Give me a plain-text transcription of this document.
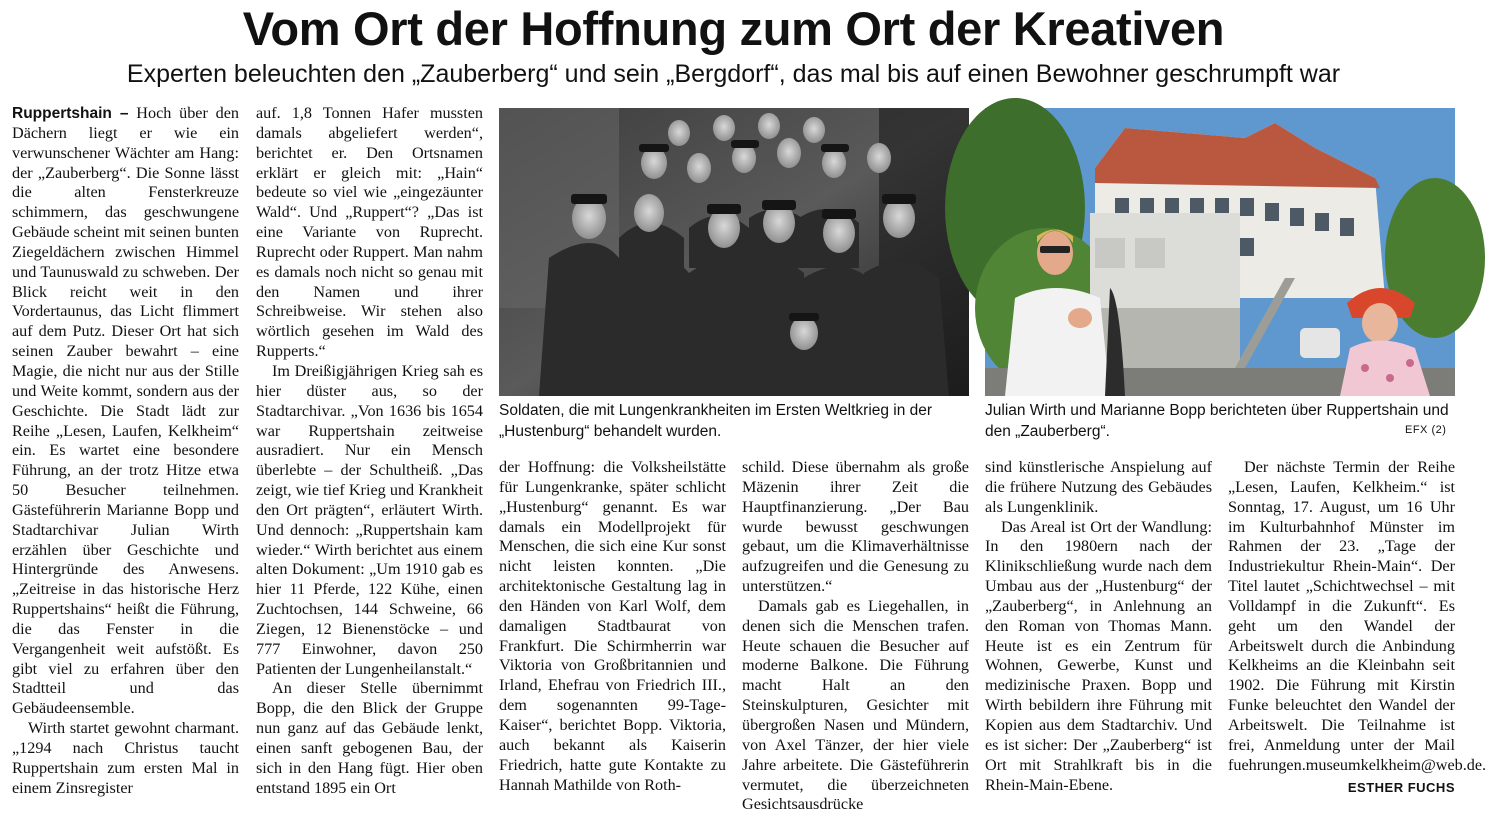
Vom Ort der Hoffnung zum Ort der Kreativen
Experten beleuchten den „Zauberberg“ und sein „Bergdorf“, das mal bis auf einen Bewohner geschrumpft war

Ruppertshain – Hoch über den Dächern liegt er wie ein verwunschener Wächter am Hang: der „Zauberberg“. Die Sonne lässt die alten Fensterkreuze schimmern, das geschwungene Gebäude scheint mit seinen bunten Ziegeldächern zwischen Himmel und Taunuswald zu schweben. Der Blick reicht weit in den Vordertaunus, das Licht flimmert auf dem Putz. Dieser Ort hat sich seinen Zauber bewahrt – eine Magie, die nicht nur aus der Stille und Weite kommt, sondern aus der Geschichte. Die Stadt lädt zur Reihe „Lesen, Laufen, Kelkheim“ ein. Es wartet eine besondere Führung, an der trotz Hitze etwa 50 Besucher teilnehmen. Gästeführerin Marianne Bopp und Stadtarchivar Julian Wirth erzählen über Geschichte und Hintergründe des Anwesens. „Zeitreise in das historische Herz Ruppertshains“ heißt die Führung, die das Fenster in die Vergangenheit weit aufstößt. Es gibt viel zu erfahren über den Stadtteil und das Gebäudeensemble.

Wirth startet gewohnt charmant. „1294 nach Christus taucht Ruppertshain zum ersten Mal in einem Zinsregister

auf. 1,8 Tonnen Hafer mussten damals abgeliefert werden“, berichtet er. Den Ortsnamen erklärt er gleich mit: „Hain“ bedeute so viel wie „eingezäunter Wald“. Und „Ruppert“? „Das ist eine Variante von Ruprecht. Ruprecht oder Ruppert. Man nahm es damals noch nicht so genau mit den Namen und ihrer Schreibweise. Wir stehen also wörtlich gesehen im Wald des Rupperts.“

Im Dreißigjährigen Krieg sah es hier düster aus, so der Stadtarchivar. „Von 1636 bis 1654 war Ruppertshain zeitweise ausradiert. Nur ein Mensch überlebte – der Schultheiß. „Das zeigt, wie tief Krieg und Krankheit den Ort prägten“, erläutert Wirth. Und dennoch: „Ruppertshain kam wieder.“ Wirth berichtet aus einem alten Dokument: „Um 1910 gab es hier 11 Pferde, 122 Kühe, einen Zuchtochsen, 144 Schweine, 66 Ziegen, 12 Bienenstöcke – und 777 Einwohner, davon 250 Patienten der Lungenheilanstalt.“

An dieser Stelle übernimmt Bopp, die den Blick der Gruppe nun ganz auf das Gebäude lenkt, einen sanft gebogenen Bau, der sich in den Hang fügt. Hier oben entstand 1895 ein Ort

Soldaten, die mit Lungenkrankheiten im Ersten Weltkrieg in der „Hustenburg“ behandelt wurden.
Julian Wirth und Marianne Bopp berichteten über Ruppertshain und den „Zauberberg“.	EFX (2)

der Hoffnung: die Volksheilstätte für Lungenkranke, später schlicht „Hustenburg“ genannt. Es war damals ein Modellprojekt für Menschen, die sich eine Kur sonst nicht leisten konnten. „Die architektonische Gestaltung lag in den Händen von Karl Wolf, dem damaligen Stadtbaurat von Frankfurt. Die Schirmherrin war Viktoria von Großbritannien und Irland, Ehefrau von Friedrich III., dem sogenannten 99-Tage-Kaiser“, berichtet Bopp. Viktoria, auch bekannt als Kaiserin Friedrich, hatte gute Kontakte zu Hannah Mathilde von Roth-

schild. Diese übernahm als große Mäzenin ihrer Zeit die Hauptfinanzierung. „Der Bau wurde bewusst geschwungen gebaut, um die Klimaverhältnisse aufzugreifen und die Genesung zu unterstützen.“

Damals gab es Liegehallen, in denen sich die Menschen trafen. Heute schauen die Besucher auf moderne Balkone. Die Führung macht Halt an den Steinskulpturen, Gesichter mit übergroßen Nasen und Mündern, von Axel Tänzer, der hier viele Jahre arbeitete. Die Gästeführerin vermutet, die überzeichneten Gesichtsausdrücke

sind künstlerische Anspielung auf die frühere Nutzung des Gebäudes als Lungenklinik.

Das Areal ist Ort der Wandlung: In den 1980ern nach der Klinikschließung wurde nach dem Umbau aus der „Hustenburg“ der „Zauberberg“, in Anlehnung an den Roman von Thomas Mann. Heute ist es ein Zentrum für Wohnen, Gewerbe, Kunst und medizinische Praxen. Bopp und Wirth bebildern ihre Führung mit Kopien aus dem Stadtarchiv. Und es ist sicher: Der „Zauberberg“ ist Ort mit Strahlkraft bis in die Rhein-Main-Ebene.

Der nächste Termin der Reihe „Lesen, Laufen, Kelkheim.“ ist Sonntag, 17. August, um 16 Uhr im Kulturbahnhof Münster im Rahmen der 23. „Tage der Industriekultur Rhein-Main“. Der Titel lautet „Schichtwechsel – mit Volldampf in die Zukunft“. Es geht um den Wandel der Arbeitswelt durch die Anbindung Kelkheims an die Kleinbahn seit 1902. Die Führung mit Kirstin Funke beleuchtet den Wandel der Arbeitswelt. Die Teilnahme ist frei, Anmeldung unter der Mail fuehrungen.museumkelkheim@web.de.
ESTHER FUCHS
